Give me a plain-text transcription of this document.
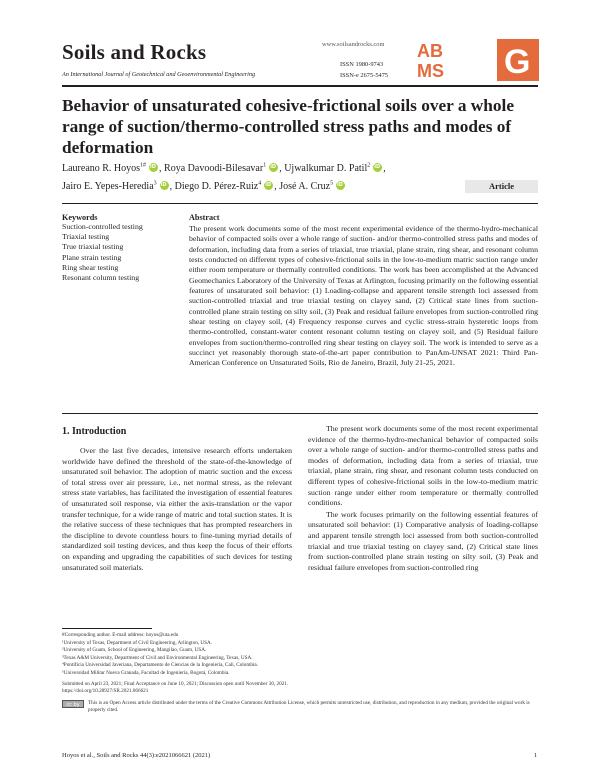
Soils and Rocks
An International Journal of Geotechnical and Geoenvironmental Engineering
www.soilsandrocks.com
ISSN 1980-9743
ISSN-e 2675-5475
AB
MS G
Behavior of unsaturated cohesive-frictional soils over a whole range of suction/thermo-controlled stress paths and modes of deformation
Laureano R. Hoyos$^{1\#}$ iD , Roya Davoodi-Bilesavar$^1$ iD , Ujwalkumar D. Patil$^2$ iD ,
Jairo E. Yepes-Heredia$^3$ iD , Diego D. Pérez-Ruiz$^4$ iD , José A. Cruz$^5$ iD	Article
Keywords
Suction-controlled testing
Triaxial testing
True triaxial testing
Plane strain testing
Ring shear testing
Resonant column testing
Abstract
The present work documents some of the most recent experimental evidence of the thermo-hydro-mechanical behavior of compacted soils over a whole range of suction- and/or thermo-controlled stress paths and modes of deformation, including data from a series of triaxial, true triaxial, plane strain, ring shear, and resonant column tests conducted on different types of cohesive-frictional soils in the low-to-medium matric suction range under either room temperature or thermally controlled conditions. The work has been accomplished at the Advanced Geomechanics Laboratory of the University of Texas at Arlington, focusing primarily on the following essential features of unsaturated soil behavior: (1) Loading-collapse and apparent tensile strength loci assessed from suction-controlled triaxial and true triaxial testing on clayey sand, (2) Critical state lines from suction-controlled plane strain testing on silty soil, (3) Peak and residual failure envelopes from suction-controlled ring shear testing on clayey soil, (4) Frequency response curves and cyclic stress-strain hysteretic loops from thermo-controlled, constant-water content resonant column testing on clayey soil, and (5) Residual failure envelopes from suction/thermo-controlled ring shear testing on clayey soil. The work is intended to serve as a succinct yet reasonably thorough state-of-the-art paper contribution to PanAm-UNSAT 2021: Third Pan-American Conference on Unsaturated Soils, Rio de Janeiro, Brazil, July 21-25, 2021.
1. Introduction

Over the last five decades, intensive research efforts undertaken worldwide have defined the threshold of the state-of-the-knowledge of unsaturated soil behavior. The adoption of matric suction and the excess of total stress over air pressure, i.e., net normal stress, as the relevant stress state variables, has facilitated the investigation of essential features of unsaturated soil response, via either the axis-translation or the vapor transfer technique, for a wide range of matric and total suction states. It is the relative success of these techniques that has prompted researchers in the discipline to devote countless hours to fine-tuning myriad details of standardized soil testing devices, and thus keep the focus of their efforts on expanding and upgrading the capabilities of such devices for testing unsaturated soil materials.

The present work documents some of the most recent experimental evidence of the thermo-hydro-mechanical behavior of compacted soils over a whole range of suction- and/or thermo-controlled stress paths and modes of deformation, including data from a series of triaxial, true triaxial, plane strain, ring shear, and resonant column tests conducted on different types of cohesive-frictional soils in the low-to-medium matric suction range under either room temperature or thermally controlled conditions.

The work focuses primarily on the following essential features of unsaturated soil behavior: (1) Comparative analysis of loading-collapse and apparent tensile strength loci assessed from both suction-controlled triaxial and true triaxial testing on clayey sand, (2) Critical state lines from suction-controlled plane strain testing on silty soil, (3) Peak and residual failure envelopes from suction-controlled ring

#Corresponding author. E-mail address: hoyos@uta.edu
¹University of Texas, Department of Civil Engineering, Arlington, USA.
²University of Guam, School of Engineering, Mangilao, Guam, USA.
³Texas A&M University, Department of Civil and Environmental Engineering, Texas, USA.
⁴Pontificia Universidad Javeriana, Departamento de Ciencias de la Ingeniería, Cali, Colombia.
⁵Universidad Militar Nueva Granada, Facultad de Ingeniería, Bogotá, Colombia.
Submitted on April 23, 2021; Final Acceptance on June 10, 2021; Discussion open until November 30, 2021.
https://doi.org/10.28927/SR.2021.066621
cc by	This is an Open Access article distributed under the terms of the Creative Commons Attribution License, which permits unrestricted use, distribution, and reproduction in any medium, provided the original work is properly cited.
Hoyos et al., Soils and Rocks 44(3):e2021066621 (2021)	1
